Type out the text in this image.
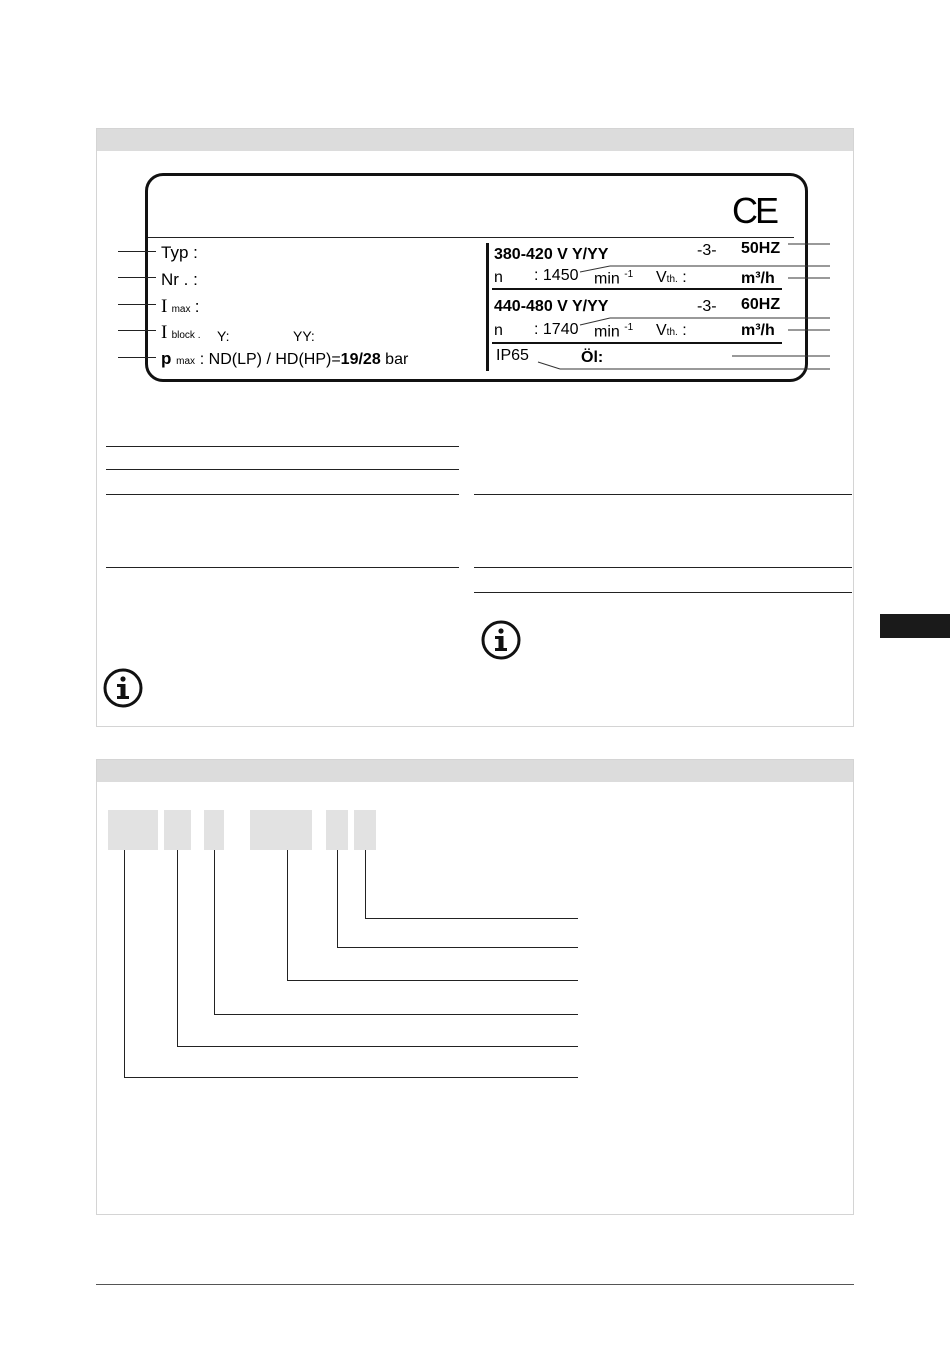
CE
Typ :
Nr . :
I max :
I block . Y:	YY:
p max : ND(LP) / HD(HP)=19/28 bar
380-420 V Y/YY	-3- 50HZ
n : 1450 min $^{-1}$ Vth. :	m³/h
440-480 V Y/YY	-3- 60HZ
n : 1740 min $^{-1}$ Vth. :	m³/h
IP65	Öl:
